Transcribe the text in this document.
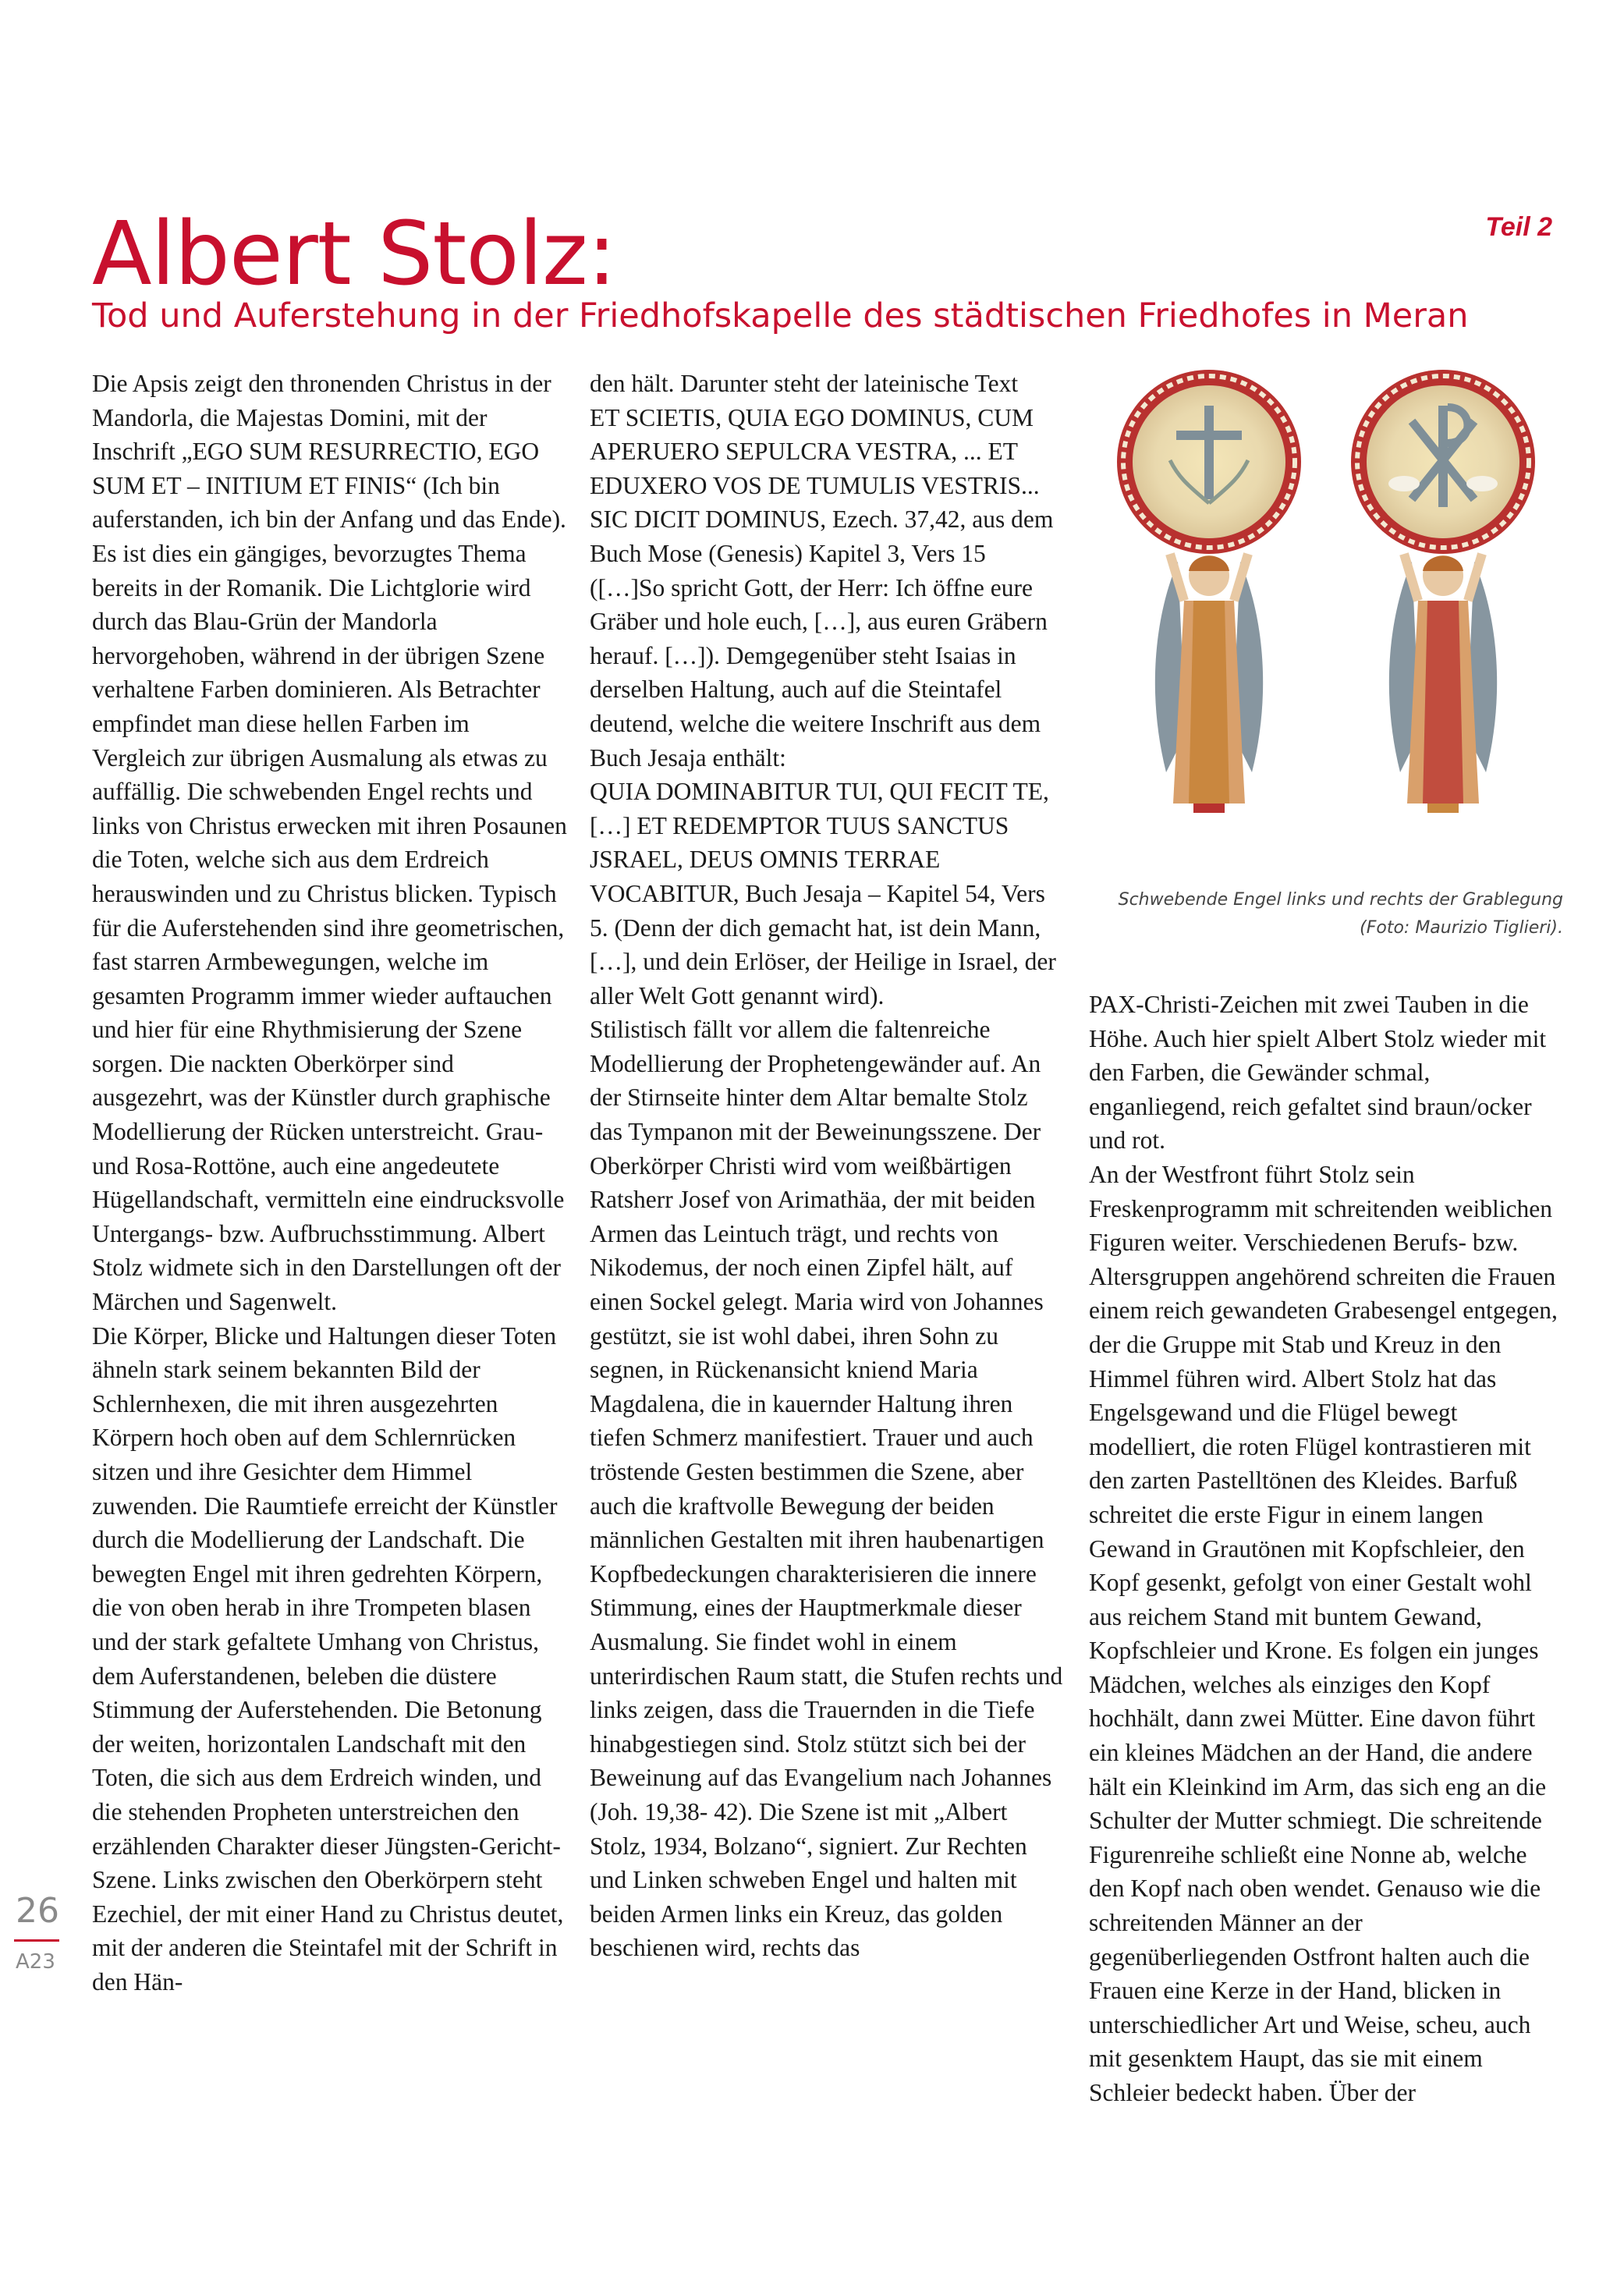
Teil 2
Albert Stolz:
Tod und Auferstehung in der Friedhofskapelle des städtischen Friedhofes in Meran

Die Apsis zeigt den thronenden Christus in der Mandorla, die Majestas Domini, mit der Inschrift „EGO SUM RESURRECTIO, EGO SUM ET – INITIUM ET FINIS“ (Ich bin auferstanden, ich bin der Anfang und das Ende). Es ist dies ein gängiges, bevorzugtes Thema bereits in der Romanik. Die Lichtglorie wird durch das Blau-Grün der Mandorla hervorgehoben, während in der übrigen Szene verhaltene Farben dominieren. Als Betrachter empfindet man diese hellen Farben im Vergleich zur übrigen Ausmalung als etwas zu auffällig. Die schwebenden Engel rechts und links von Christus erwecken mit ihren Posaunen die Toten, welche sich aus dem Erdreich herauswinden und zu Christus blicken. Typisch für die Auferstehenden sind ihre geometrischen, fast starren Armbewegungen, welche im gesamten Programm immer wieder auftauchen und hier für eine Rhythmisierung der Szene sorgen. Die nackten Oberkörper sind ausgezehrt, was der Künstler durch graphische Modellierung der Rücken unterstreicht. Grau- und Rosa-Rottöne, auch eine angedeutete Hügellandschaft, vermitteln eine eindrucksvolle Untergangs- bzw. Aufbruchsstimmung. Albert Stolz widmete sich in den Darstellungen oft der Märchen und Sagenwelt.

Die Körper, Blicke und Haltungen dieser Toten ähneln stark seinem bekannten Bild der Schlernhexen, die mit ihren ausgezehrten Körpern hoch oben auf dem Schlernrücken sitzen und ihre Gesichter dem Himmel zuwenden. Die Raumtiefe erreicht der Künstler durch die Modellierung der Landschaft. Die bewegten Engel mit ihren gedrehten Körpern, die von oben herab in ihre Trompeten blasen und der stark gefaltete Umhang von Christus, dem Auferstandenen, beleben die düstere Stimmung der Auferstehenden. Die Betonung der weiten, horizontalen Landschaft mit den Toten, die sich aus dem Erdreich winden, und die stehenden Propheten unterstreichen den erzählenden Charakter dieser Jüngsten-Gericht-Szene. Links zwischen den Oberkörpern steht Ezechiel, der mit einer Hand zu Christus deutet, mit der anderen die Steintafel mit der Schrift in den Hän-

den hält. Darunter steht der lateinische Text

ET SCIETIS, QUIA EGO DOMINUS, CUM APERUERO SEPULCRA VESTRA, ... ET EDUXERO VOS DE TUMULIS VESTRIS... SIC DICIT DOMINUS, Ezech. 37,42, aus dem Buch Mose (Genesis) Kapitel 3, Vers 15 ([…]So spricht Gott, der Herr: Ich öffne eure Gräber und hole euch, […], aus euren Gräbern herauf. […]). Demgegenüber steht Isaias in derselben Haltung, auch auf die Steintafel deutend, welche die weitere Inschrift aus dem Buch Jesaja enthält:

QUIA DOMINABITUR TUI, QUI FECIT TE, […] ET REDEMPTOR TUUS SANCTUS JSRAEL, DEUS OMNIS TERRAE VOCABITUR, Buch Jesaja – Kapitel 54, Vers 5. (Denn der dich gemacht hat, ist dein Mann, […], und dein Erlöser, der Heilige in Israel, der aller Welt Gott genannt wird).

Stilistisch fällt vor allem die faltenreiche Modellierung der Prophetengewänder auf. An der Stirnseite hinter dem Altar bemalte Stolz das Tympanon mit der Beweinungsszene. Der Oberkörper Christi wird vom weißbärtigen Ratsherr Josef von Arimathäa, der mit beiden Armen das Leintuch trägt, und rechts von Nikodemus, der noch einen Zipfel hält, auf einen Sockel gelegt. Maria wird von Johannes gestützt, sie ist wohl dabei, ihren Sohn zu segnen, in Rückenansicht kniend Maria Magdalena, die in kauernder Haltung ihren tiefen Schmerz manifestiert. Trauer und auch tröstende Gesten bestimmen die Szene, aber auch die kraftvolle Bewegung der beiden männlichen Gestalten mit ihren haubenartigen Kopfbedeckungen charakterisieren die innere Stimmung, eines der Hauptmerkmale dieser Ausmalung. Sie findet wohl in einem unterirdischen Raum statt, die Stufen rechts und links zeigen, dass die Trauernden in die Tiefe hinabgestiegen sind. Stolz stützt sich bei der Beweinung auf das Evangelium nach Johannes (Joh. 19,38- 42). Die Szene ist mit „Albert Stolz, 1934, Bolzano“, signiert. Zur Rechten und Linken schweben Engel und halten mit beiden Armen links ein Kreuz, das golden beschienen wird, rechts das

Schwebende Engel links und rechts der Grablegung
(Foto: Maurizio Tiglieri).

PAX-Christi-Zeichen mit zwei Tauben in die Höhe. Auch hier spielt Albert Stolz wieder mit den Farben, die Gewänder schmal, enganliegend, reich gefaltet sind braun/ocker und rot.

An der Westfront führt Stolz sein Freskenprogramm mit schreitenden weiblichen Figuren weiter. Verschiedenen Berufs- bzw. Altersgruppen angehörend schreiten die Frauen einem reich gewandeten Grabesengel entgegen, der die Gruppe mit Stab und Kreuz in den Himmel führen wird. Albert Stolz hat das Engelsgewand und die Flügel bewegt modelliert, die roten Flügel kontrastieren mit den zarten Pastelltönen des Kleides. Barfuß schreitet die erste Figur in einem langen Gewand in Grautönen mit Kopfschleier, den Kopf gesenkt, gefolgt von einer Gestalt wohl aus reichem Stand mit buntem Gewand, Kopfschleier und Krone. Es folgen ein junges Mädchen, welches als einziges den Kopf hochhält, dann zwei Mütter. Eine davon führt ein kleines Mädchen an der Hand, die andere hält ein Kleinkind im Arm, das sich eng an die Schulter der Mutter schmiegt. Die schreitende Figurenreihe schließt eine Nonne ab, welche den Kopf nach oben wendet. Genauso wie die schreitenden Männer an der gegenüberliegenden Ostfront halten auch die Frauen eine Kerze in der Hand, blicken in unterschiedlicher Art und Weise, scheu, auch mit gesenktem Haupt, das sie mit einem Schleier bedeckt haben. Über der

26
A23
